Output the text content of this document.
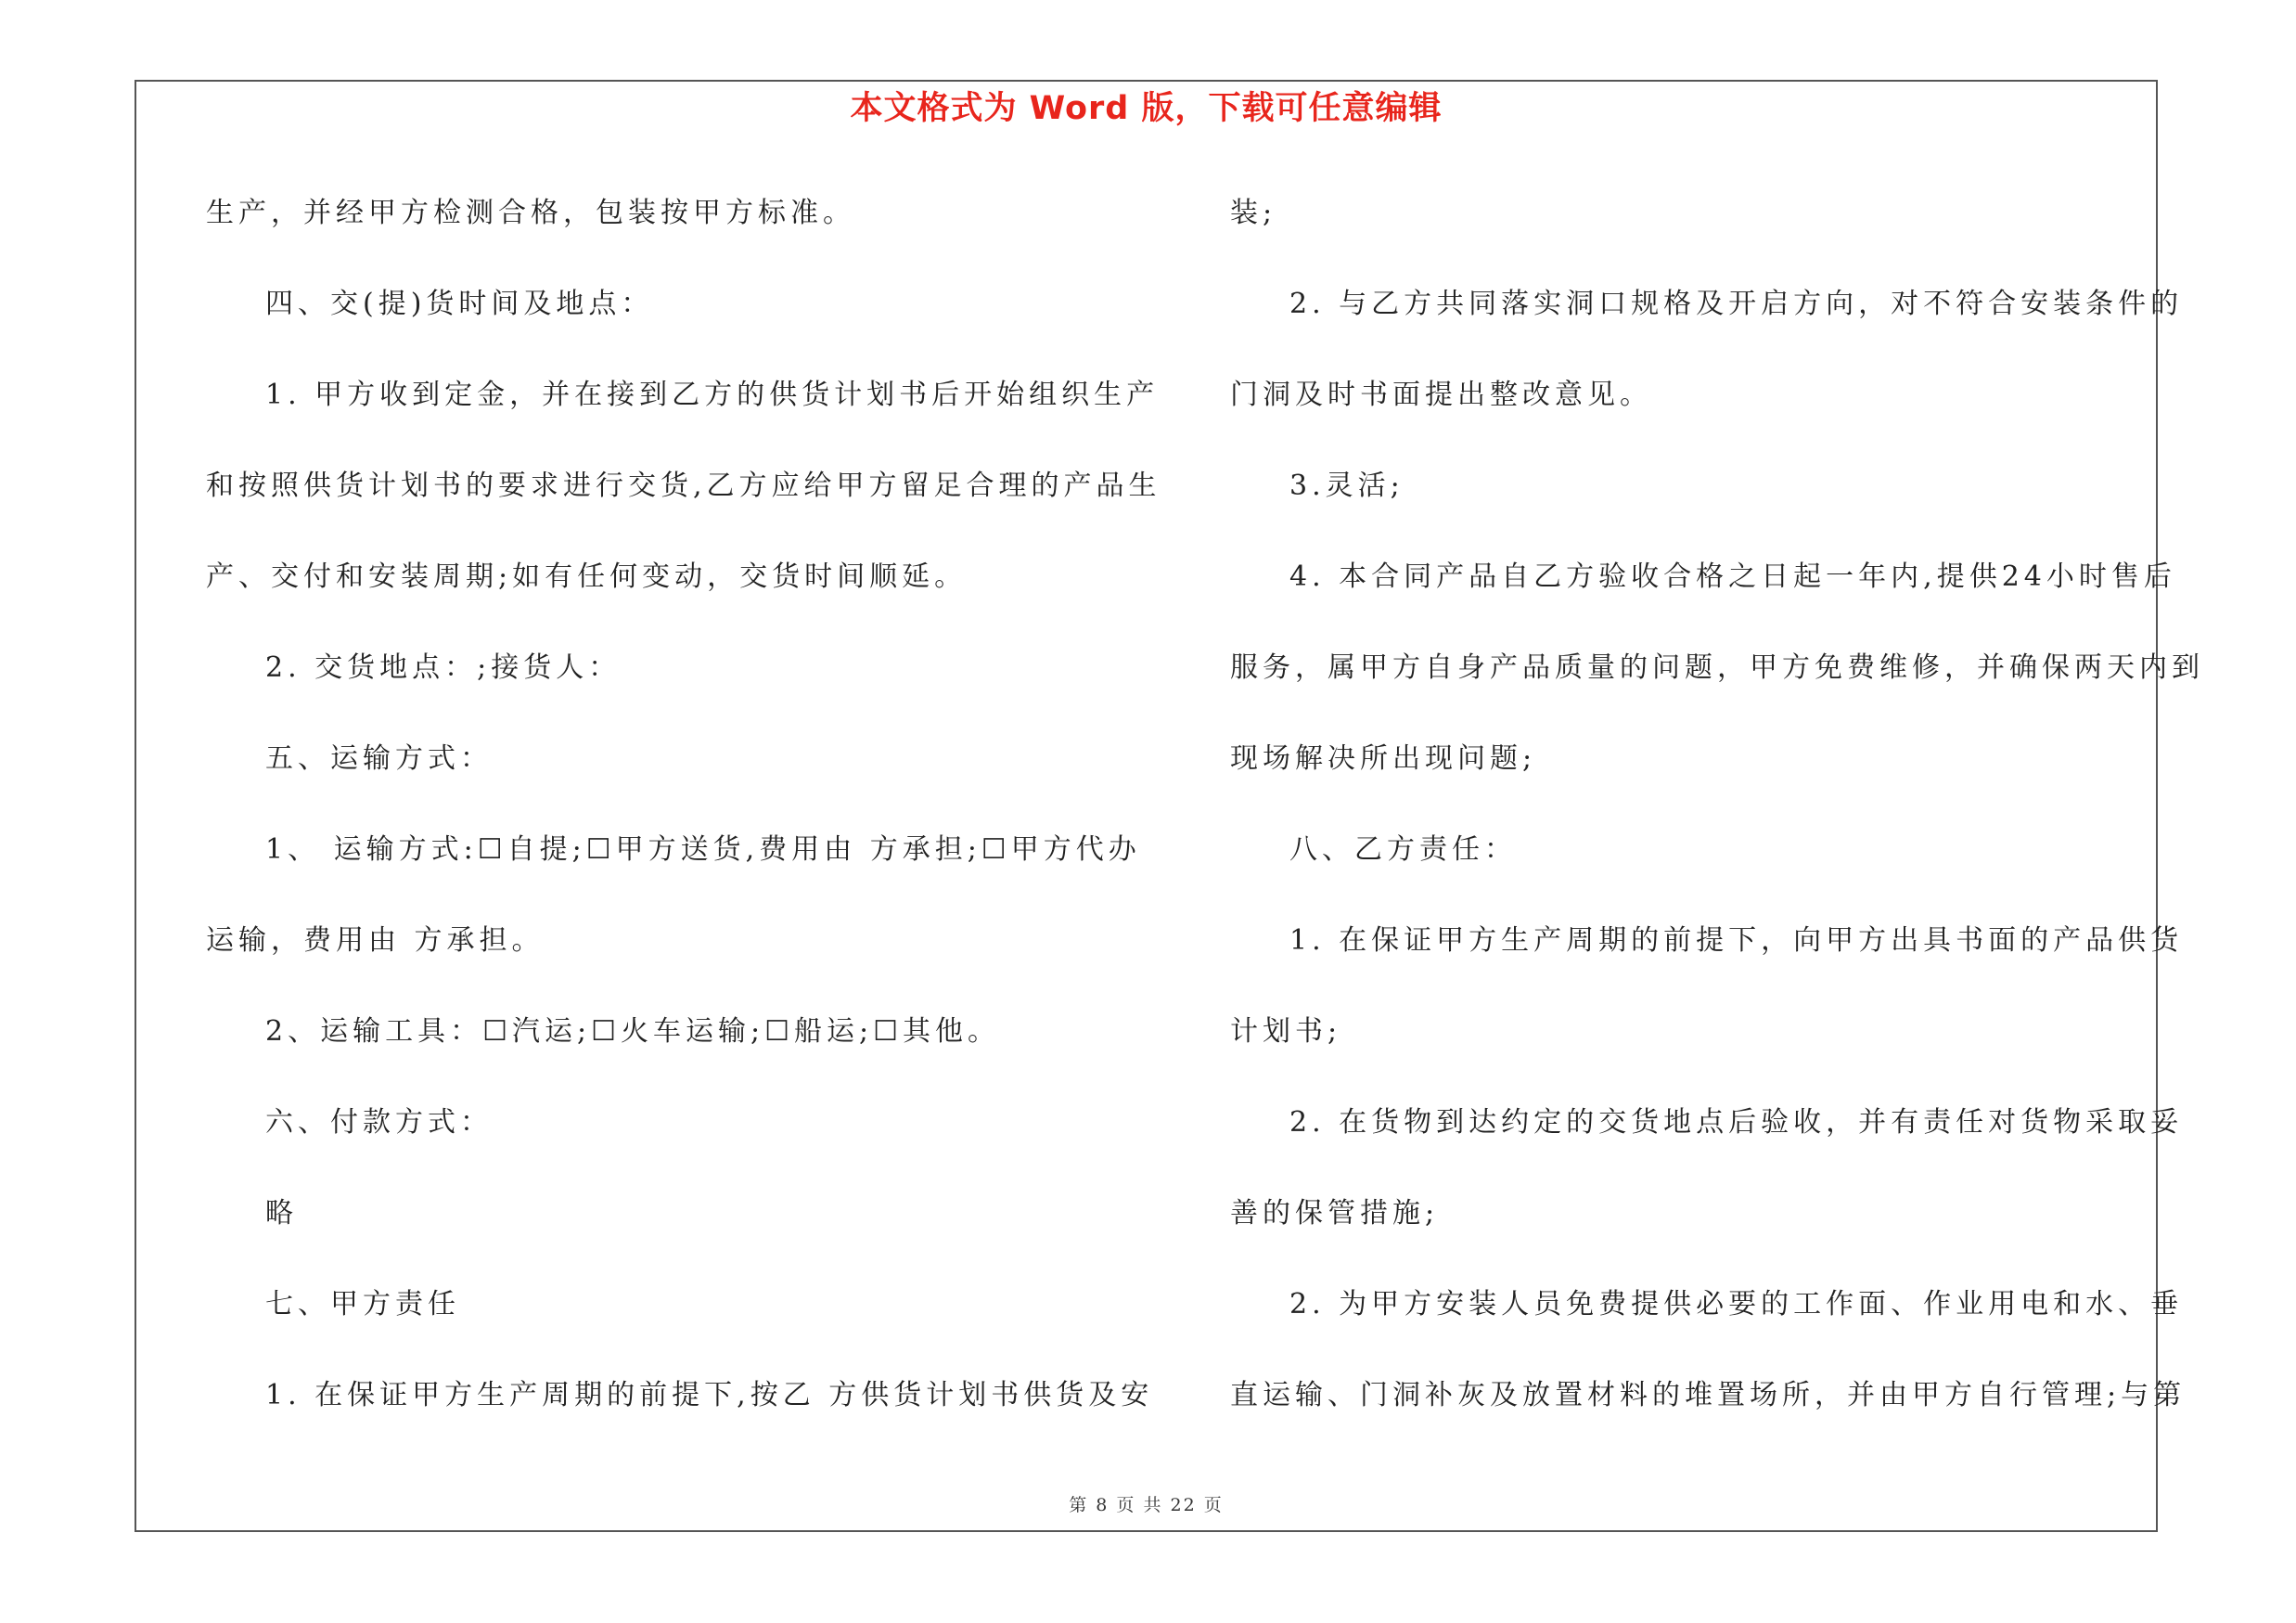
本文格式为 Word 版，下载可任意编辑
生产，并经甲方检测合格，包装按甲方标准。
四、交(提)货时间及地点：
1. 甲方收到定金，并在接到乙方的供货计划书后开始组织生产
和按照供货计划书的要求进行交货,乙方应给甲方留足合理的产品生
产、交付和安装周期;如有任何变动，交货时间顺延。
2. 交货地点：;接货人：
五、运输方式：
1、 运输方式:☐自提;☐甲方送货,费用由 方承担;☐甲方代办
运输，费用由 方承担。
2、运输工具：☐汽运;☐火车运输;☐船运;☐其他。
六、付款方式：
略
七、甲方责任
1. 在保证甲方生产周期的前提下,按乙 方供货计划书供货及安
装;
2. 与乙方共同落实洞口规格及开启方向，对不符合安装条件的
门洞及时书面提出整改意见。
3.灵活;
4. 本合同产品自乙方验收合格之日起一年内,提供24小时售后
服务，属甲方自身产品质量的问题，甲方免费维修，并确保两天内到
现场解决所出现问题;
八、乙方责任：
1. 在保证甲方生产周期的前提下，向甲方出具书面的产品供货
计划书;
2. 在货物到达约定的交货地点后验收，并有责任对货物采取妥
善的保管措施;
2. 为甲方安装人员免费提供必要的工作面、作业用电和水、垂
直运输、门洞补灰及放置材料的堆置场所，并由甲方自行管理;与第
第 8 页 共 22 页
